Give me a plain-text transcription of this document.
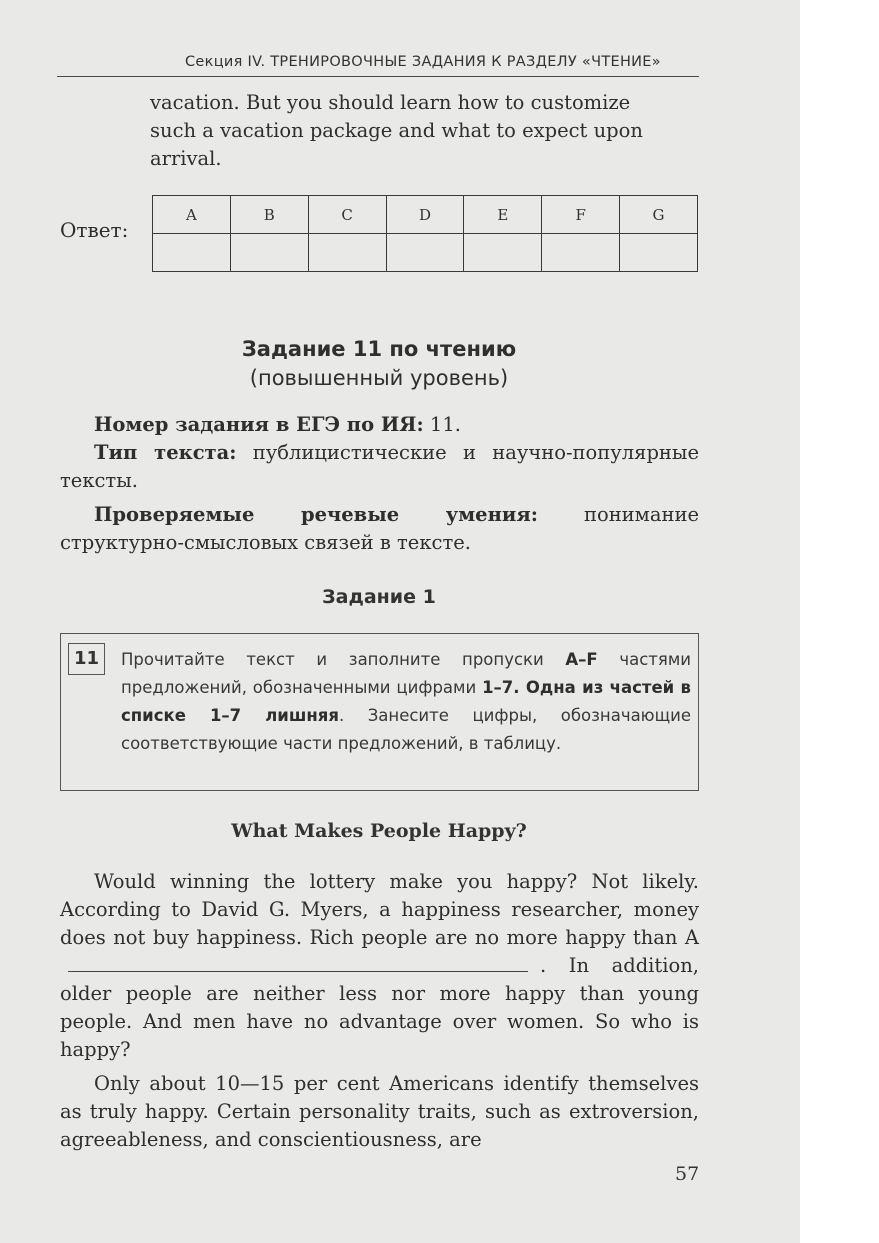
Секция IV. ТРЕНИРОВОЧНЫЕ ЗАДАНИЯ К РАЗДЕЛУ «ЧТЕНИЕ»
vacation. But you should learn how to customize
such a vacation package and what to expect upon
arrival.
Ответ:
A	B	C	D	E	F	G

Задание 11 по чтению
(повышенный уровень)
Номер задания в ЕГЭ по ИЯ: 11.
Тип текста: публицистические и научно-популярные тексты.
Проверяемые речевые умения: понимание структурно-смысловых связей в тексте.
Задание 1
11	Прочитайте текст и заполните пропуски A–F частями предложений, обозначенными цифрами 1–7. Одна из частей в списке 1–7 лишняя. Занесите цифры, обозначающие соответствующие части предложений, в таблицу.
What Makes People Happy?

Would winning the lottery make you happy? Not likely. According to David G. Myers, a happiness researcher, money does not buy happiness. Rich people are no more happy than A. In addition, older people are neither less nor more happy than young people. And men have no advantage over women. So who is happy?

Only about 10—15 per cent Americans identify themselves as truly happy. Certain personality traits, such as extroversion, agreeableness, and conscientiousness, are

57
